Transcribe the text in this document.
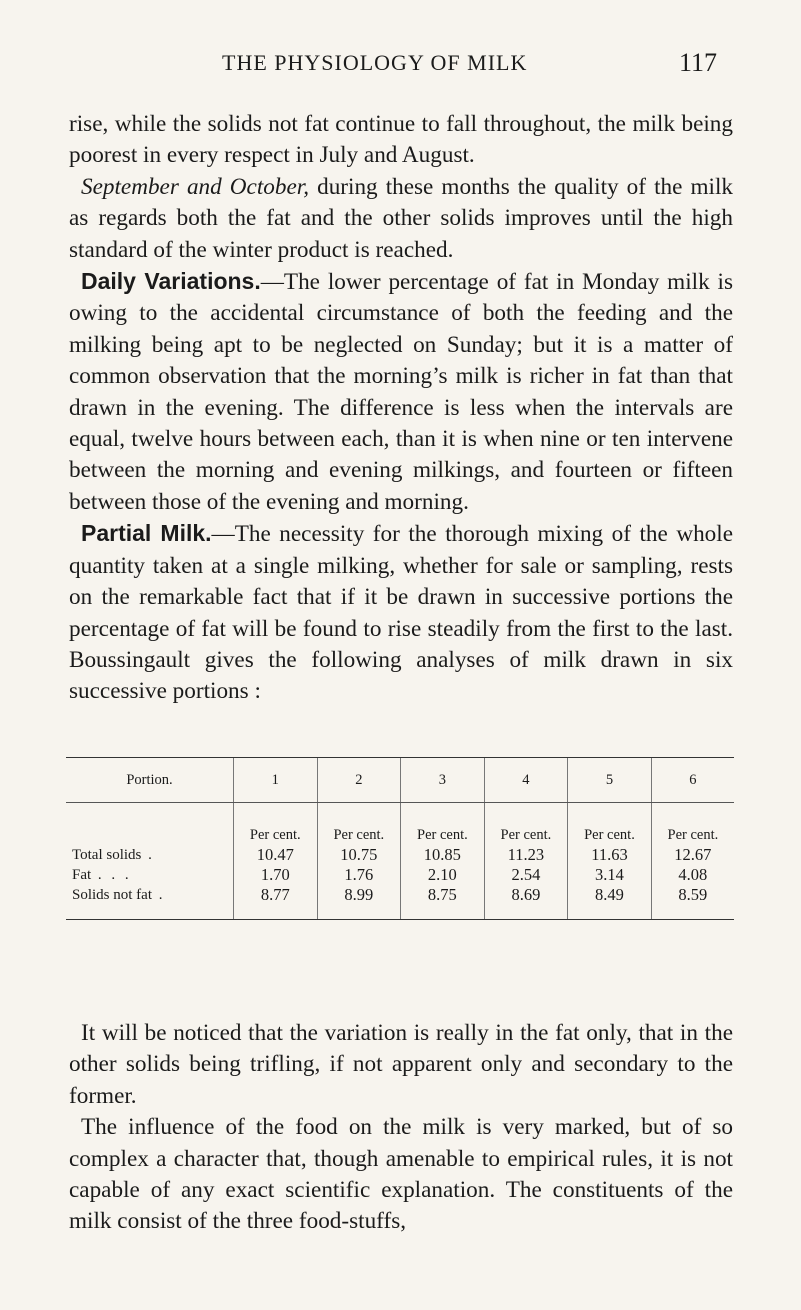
THE PHYSIOLOGY OF MILK	117

rise, while the solids not fat continue to fall throughout, the milk being poorest in every respect in July and August.

September and October, during these months the quality of the milk as regards both the fat and the other solids improves until the high standard of the winter product is reached.

Daily Variations.—The lower percentage of fat in Monday milk is owing to the accidental circumstance of both the feeding and the milking being apt to be neglected on Sunday; but it is a matter of common observation that the morning’s milk is richer in fat than that drawn in the evening. The difference is less when the intervals are equal, twelve hours between each, than it is when nine or ten intervene between the morning and evening milkings, and fourteen or fifteen between those of the evening and morning.

Partial Milk.—The necessity for the thorough mixing of the whole quantity taken at a single milking, whether for sale or sampling, rests on the remarkable fact that if it be drawn in successive portions the percentage of fat will be found to rise steadily from the first to the last. Boussingault gives the following analyses of milk drawn in six successive portions :

Portion.	1	2	3	4	5	6
	Per cent.	Per cent.	Per cent.	Per cent.	Per cent.	Per cent.
Total solids .	10.47	10.75	10.85	11.23	11.63	12.67
Fat . . .	1.70	1.76	2.10	2.54	3.14	4.08
Solids not fat .	8.77	8.99	8.75	8.69	8.49	8.59

It will be noticed that the variation is really in the fat only, that in the other solids being trifling, if not apparent only and secondary to the former.

The influence of the food on the milk is very marked, but of so complex a character that, though amenable to empirical rules, it is not capable of any exact scientific explanation. The constituents of the milk consist of the three food-stuffs,
